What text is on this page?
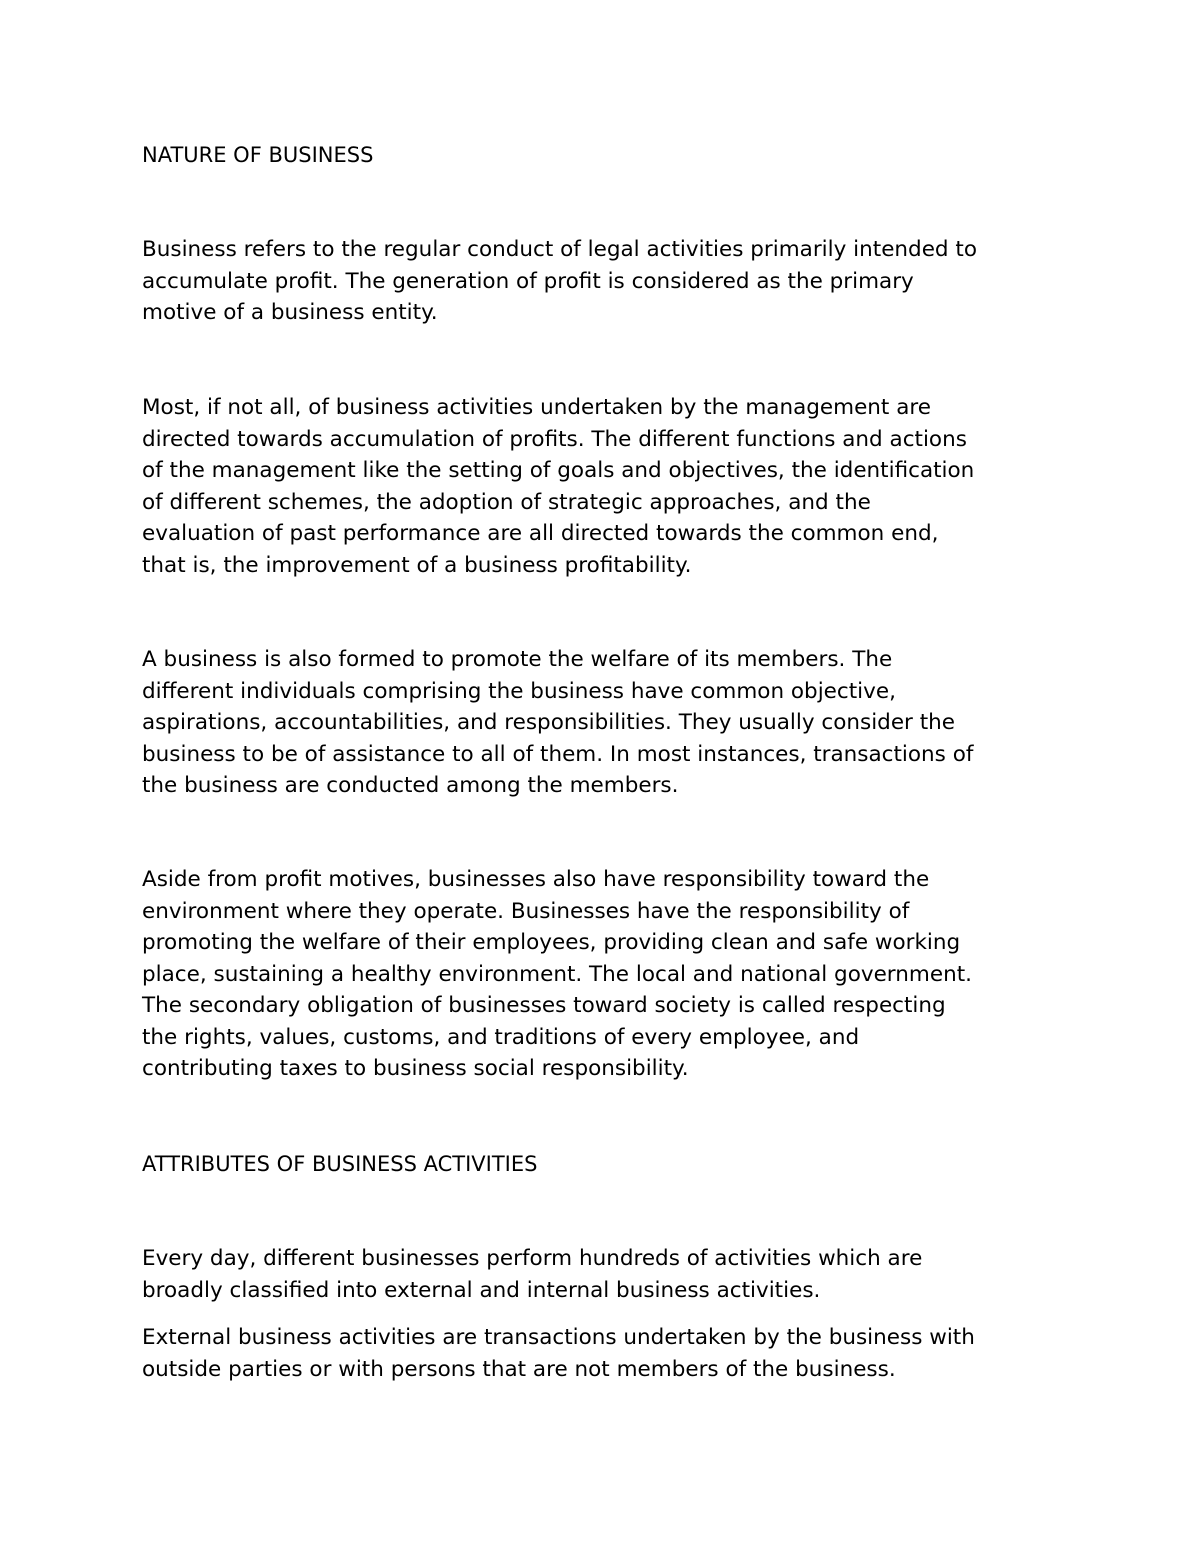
NATURE OF BUSINESS

Business refers to the regular conduct of legal activities primarily intended to
accumulate profit. The generation of profit is considered as the primary
motive of a business entity.

Most, if not all, of business activities undertaken by the management are
directed towards accumulation of profits. The different functions and actions
of the management like the setting of goals and objectives, the identification
of different schemes, the adoption of strategic approaches, and the
evaluation of past performance are all directed towards the common end,
that is, the improvement of a business profitability.

A business is also formed to promote the welfare of its members. The
different individuals comprising the business have common objective,
aspirations, accountabilities, and responsibilities. They usually consider the
business to be of assistance to all of them. In most instances, transactions of
the business are conducted among the members.

Aside from profit motives, businesses also have responsibility toward the
environment where they operate. Businesses have the responsibility of
promoting the welfare of their employees, providing clean and safe working
place, sustaining a healthy environment. The local and national government.
The secondary obligation of businesses toward society is called respecting
the rights, values, customs, and traditions of every employee, and
contributing taxes to business social responsibility.

ATTRIBUTES OF BUSINESS ACTIVITIES

Every day, different businesses perform hundreds of activities which are
broadly classified into external and internal business activities.

External business activities are transactions undertaken by the business with
outside parties or with persons that are not members of the business.
